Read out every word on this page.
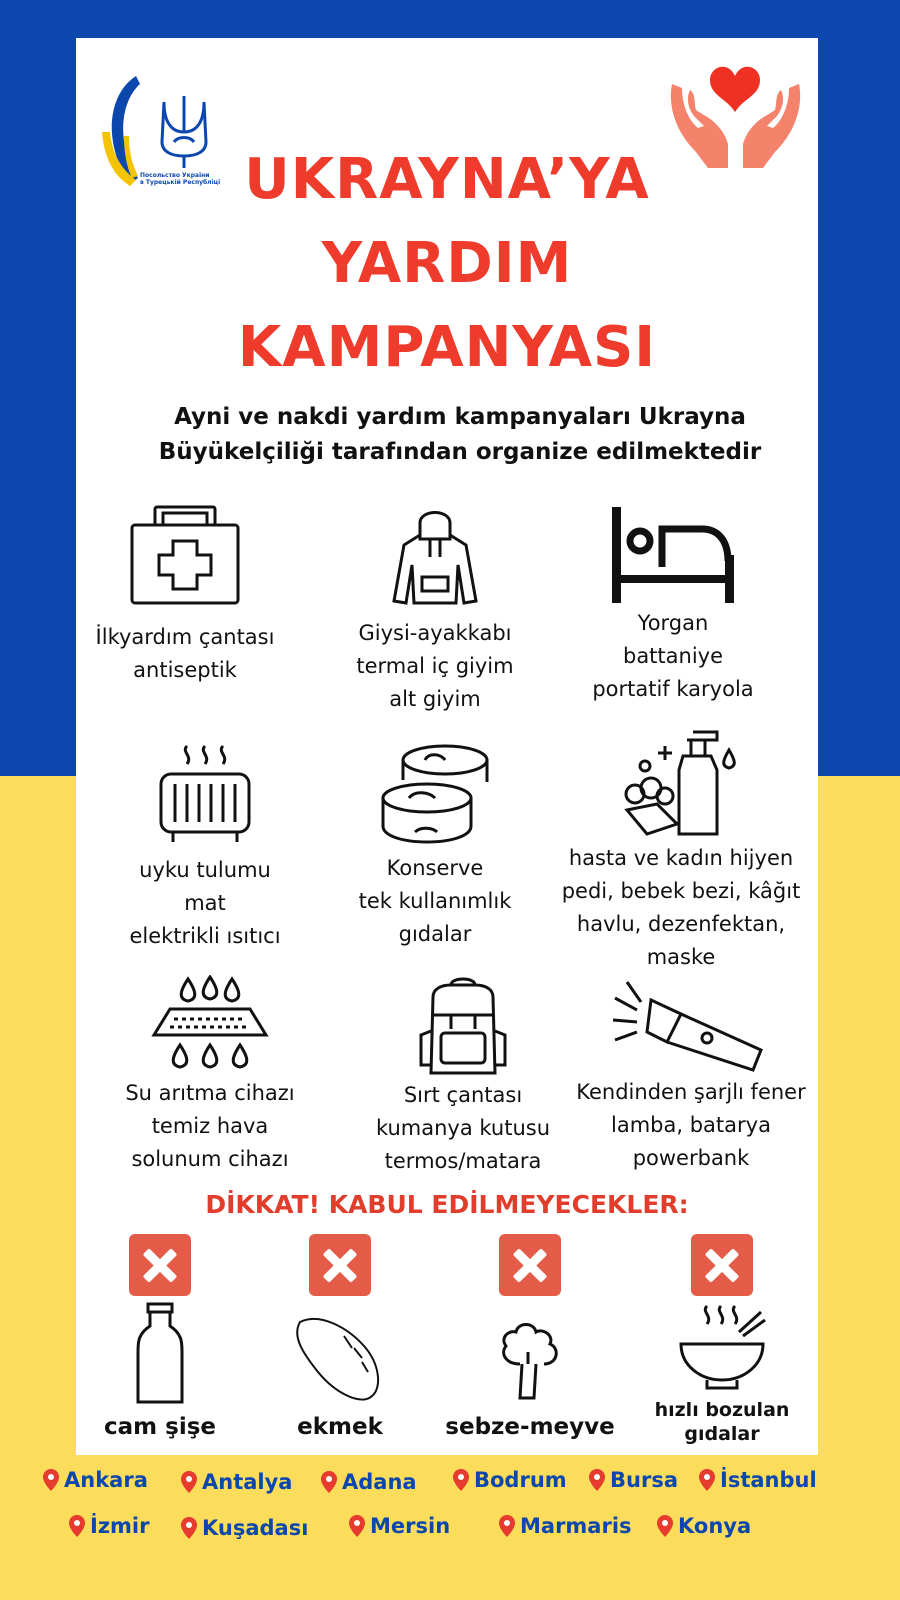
Посольство України
в Турецькій Республіці UKRAYNA’YA
YARDIM
KAMPANYASI
Ayni ve nakdi yardım kampanyaları Ukrayna
Büyükelçiliği tarafından organize edilmektedir
İlkyardım çantası
antiseptik
Giysi-ayakkabı
termal iç giyim
alt giyim
Yorgan
battaniye
portatif karyola
uyku tulumu
mat
elektrikli ısıtıcı
Konserve
tek kullanımlık
gıdalar
hasta ve kadın hijyen
pedi, bebek bezi, kâğıt
havlu, dezenfektan,
maske
Su arıtma cihazı
temiz hava
solunum cihazı
Sırt çantası
kumanya kutusu
termos/matara
Kendinden şarjlı fener
lamba, batarya
powerbank
DİKKAT! KABUL EDİLMEYECEKLER:
cam şişe	ekmek	sebze-meyve
hızlı bozulan
gıdalar
Ankara	Antalya Adana	Bodrum Bursa İstanbul
İzmir	Kuşadası	Mersin	Marmaris Konya
